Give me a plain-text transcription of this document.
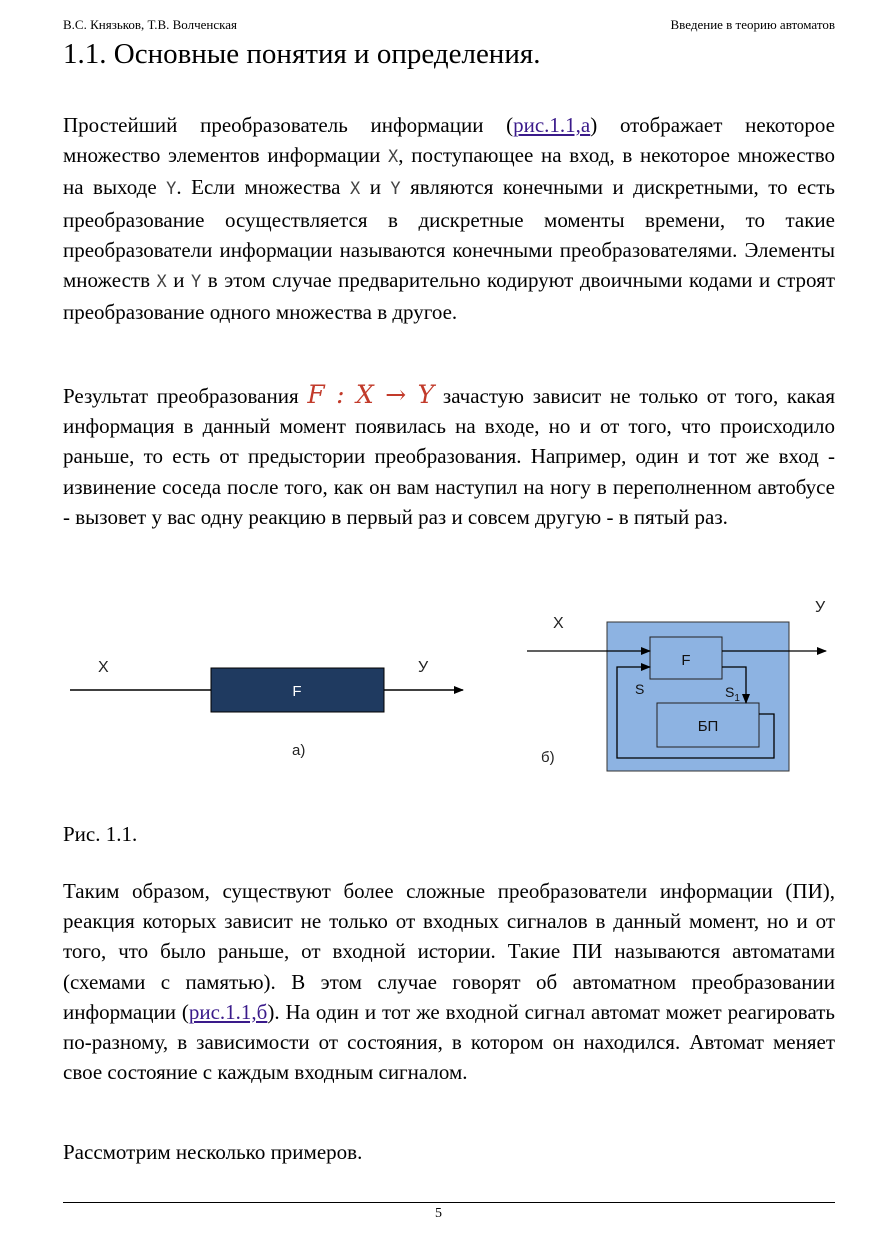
В.С. Князьков, Т.В. Волченская	Введение в теорию автоматов
1.1. Основные понятия и определения.
Простейший преобразователь информации (рис.1.1,а) отображает некоторое множество элементов информации X, поступающее на вход, в некоторое множество на выходе Y. Если множества X и Y являются конечными и дискретными, то есть преобразование осуществляется в дискретные моменты времени, то такие преобразователи информации называются конечными преобразователями. Элементы множеств X и Y в этом случае предварительно кодируют двоичными кодами и строят преобразование одного множества в другое.
Результат преобразования F : X → Y зачастую зависит не только от того, какая информация в данный момент появилась на входе, но и от того, что происходило раньше, то есть от предыстории преобразования. Например, один и тот же вход - извинение соседа после того, как он вам наступил на ногу в переполненном автобусе - вызовет у вас одну реакцию в первый раз и совсем другую - в пятый раз.
X	У
F
а)
X
У
F
БП
S	$S_1$
б)
Рис. 1.1.
Таким образом, существуют более сложные преобразователи информации (ПИ), реакция которых зависит не только от входных сигналов в данный момент, но и от того, что было раньше, от входной истории. Такие ПИ называются автоматами (схемами с памятью). В этом случае говорят об автоматном преобразовании информации (рис.1.1,б). На один и тот же входной сигнал автомат может реагировать по-разному, в зависимости от состояния, в котором он находился. Автомат меняет свое состояние с каждым входным сигналом.
Рассмотрим несколько примеров.
5
